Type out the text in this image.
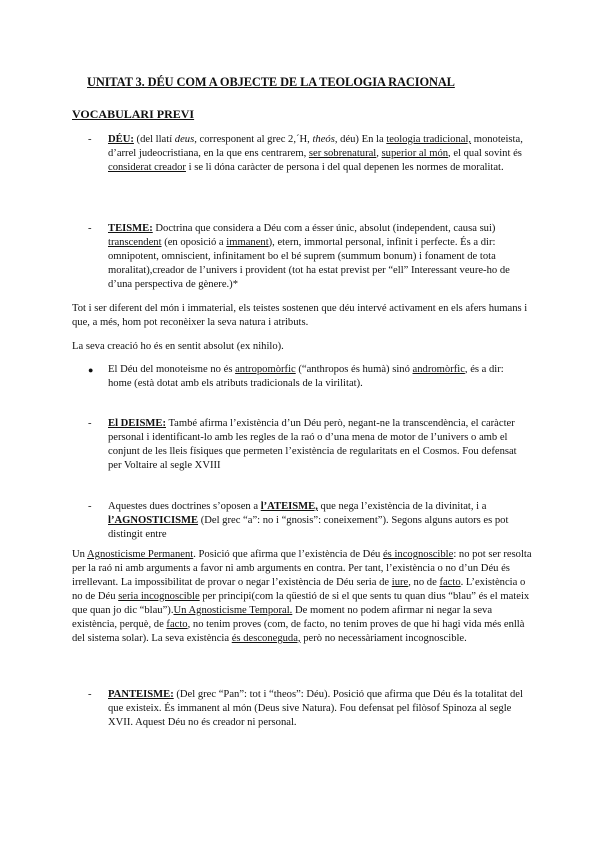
UNITAT 3. DÉU COM A OBJECTE DE LA TEOLOGIA RACIONAL
VOCABULARI PREVI
-	DÉU: (del llatí deus, corresponent al grec 2,´H, theós, déu) En la teologia tradicional, monoteista, d’arrel judeocristiana, en la que ens centrarem, ser sobrenatural, superior al món, el qual sovint és considerat creador i se li dóna caràcter de persona i del qual depenen les normes de moralitat.
-	TEISME: Doctrina que considera a Déu com a ésser únic, absolut (independent, causa sui) transcendent (en oposició a immanent), etern, immortal personal, infinit i perfecte. És a dir: omnipotent, omniscient, infinitament bo el bé suprem (summum bonum) i fonament de tota moralitat),creador de l’univers i provident (tot ha estat previst per “ell” Interessant veure-ho de d’una perspectiva de gènere.)*
Tot i ser diferent del món i immaterial, els teistes sostenen que déu intervé activament en els afers humans i que, a més, hom pot reconèixer la seva natura i atributs.
La seva creació ho és en sentit absolut (ex nihilo).
●	El Déu del monoteisme no és antropomòrfic (“anthropos és humà) sinó andromòrfic, és a dir: home (està dotat amb els atributs tradicionals de la virilitat).
-	El DEISME: També afirma l’existència d’un Déu però, negant-ne la transcendència, el caràcter personal i identificant-lo amb les regles de la raó o d’una mena de motor de l’univers o amb el conjunt de les lleis físiques que permeten l’existència de regularitats en el Cosmos. Fou defensat per Voltaire al segle XVIII
-	Aquestes dues doctrines s’oposen a l’ATEISME, que nega l’existència de la divinitat, i a l’AGNOSTICISME (Del grec “a”: no i “gnosis”: coneixement”). Segons alguns autors es pot distingit entre
Un Agnosticisme Permanent. Posició que afirma que l’existència de Déu és incognoscible: no pot ser resolta per la raó ni amb arguments a favor ni amb arguments en contra. Per tant, l’existència o no d’un Déu és irrellevant. La impossibilitat de provar o negar l’existència de Déu seria de iure, no de facto. L’existència o no de Déu seria incognoscible per principi(com la qüestió de si el que sents tu quan dius “blau” és el mateix que quan jo dic “blau”).Un Agnosticisme Temporal. De moment no podem afirmar ni negar la seva existència, perquè, de facto, no tenim proves (com, de facto, no tenim proves de que hi hagi vida més enllà del sistema solar). La seva existència és desconeguda, però no necessàriament incognoscible.
-	PANTEISME: (Del grec “Pan”: tot i “theos”: Déu). Posició que afirma que Déu és la totalitat del que existeix. És immanent al món (Deus sive Natura). Fou defensat pel filòsof Spinoza al segle XVII. Aquest Déu no és creador ni personal.
